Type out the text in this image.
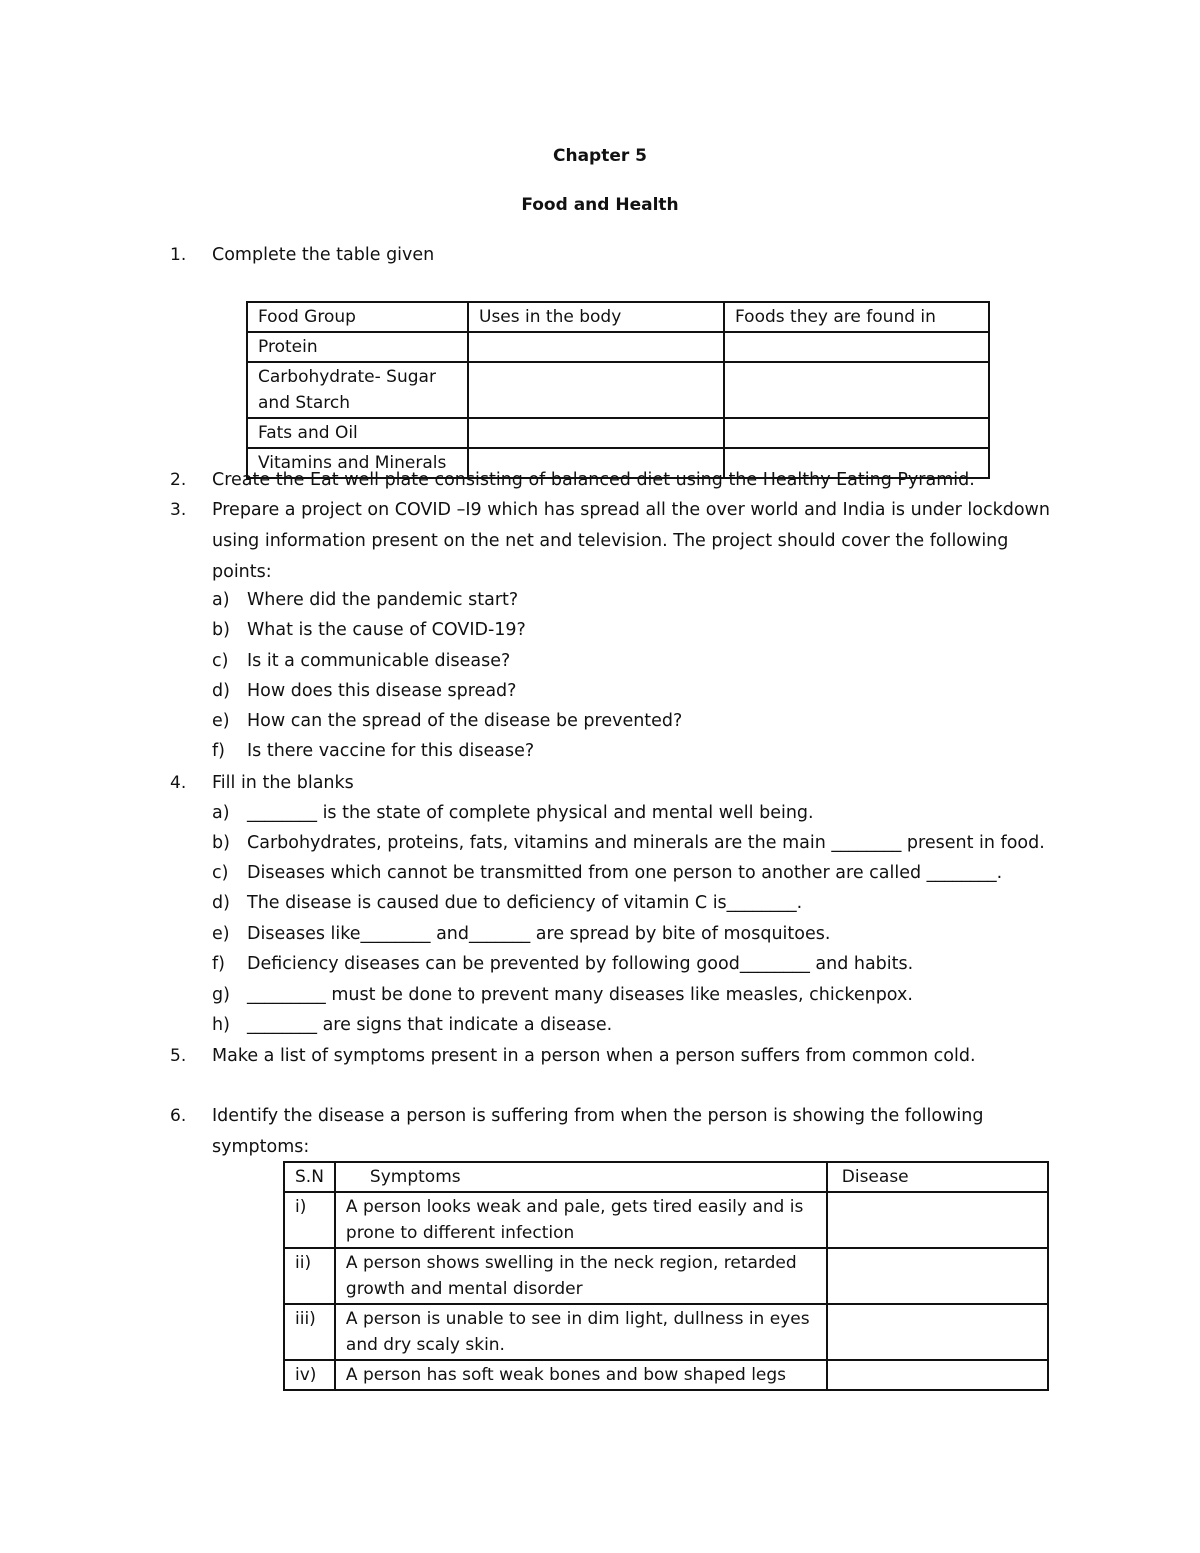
Chapter 5
Food and Health
1. Complete the table given
Food Group	Uses in the body	Foods they are found in
Protein		
Carbohydrate- Sugar and Starch		
Fats and Oil		
Vitamins and Minerals		
2. Create the Eat well plate consisting of balanced diet using the Healthy Eating Pyramid.
3. Prepare a project on COVID –I9 which has spread all the over world and India is under lockdown using information present on the net and television. The project should cover the following points:
a) Where did the pandemic start?
b) What is the cause of COVID-19?
c) Is it a communicable disease?
d) How does this disease spread?
e) How can the spread of the disease be prevented?
f) Is there vaccine for this disease?
4. Fill in the blanks
a) ________ is the state of complete physical and mental well being.
b) Carbohydrates, proteins, fats, vitamins and minerals are the main ________ present in food.
c) Diseases which cannot be transmitted from one person to another are called ________.
d) The disease is caused due to deficiency of vitamin C is________.
e) Diseases like________ and_______ are spread by bite of mosquitoes.
f) Deficiency diseases can be prevented by following good________ and habits.
g) _________ must be done to prevent many diseases like measles, chickenpox.
h) ________ are signs that indicate a disease.
5. Make a list of symptoms present in a person when a person suffers from common cold.
6. Identify the disease a person is suffering from when the person is showing the following symptoms:
S.N	Symptoms	Disease
i)	A person looks weak and pale, gets tired easily and is prone to different infection	
ii)	A person shows swelling in the neck region, retarded growth and mental disorder	
iii)	A person is unable to see in dim light, dullness in eyes and dry scaly skin.	
iv)	A person has soft weak bones and bow shaped legs	
